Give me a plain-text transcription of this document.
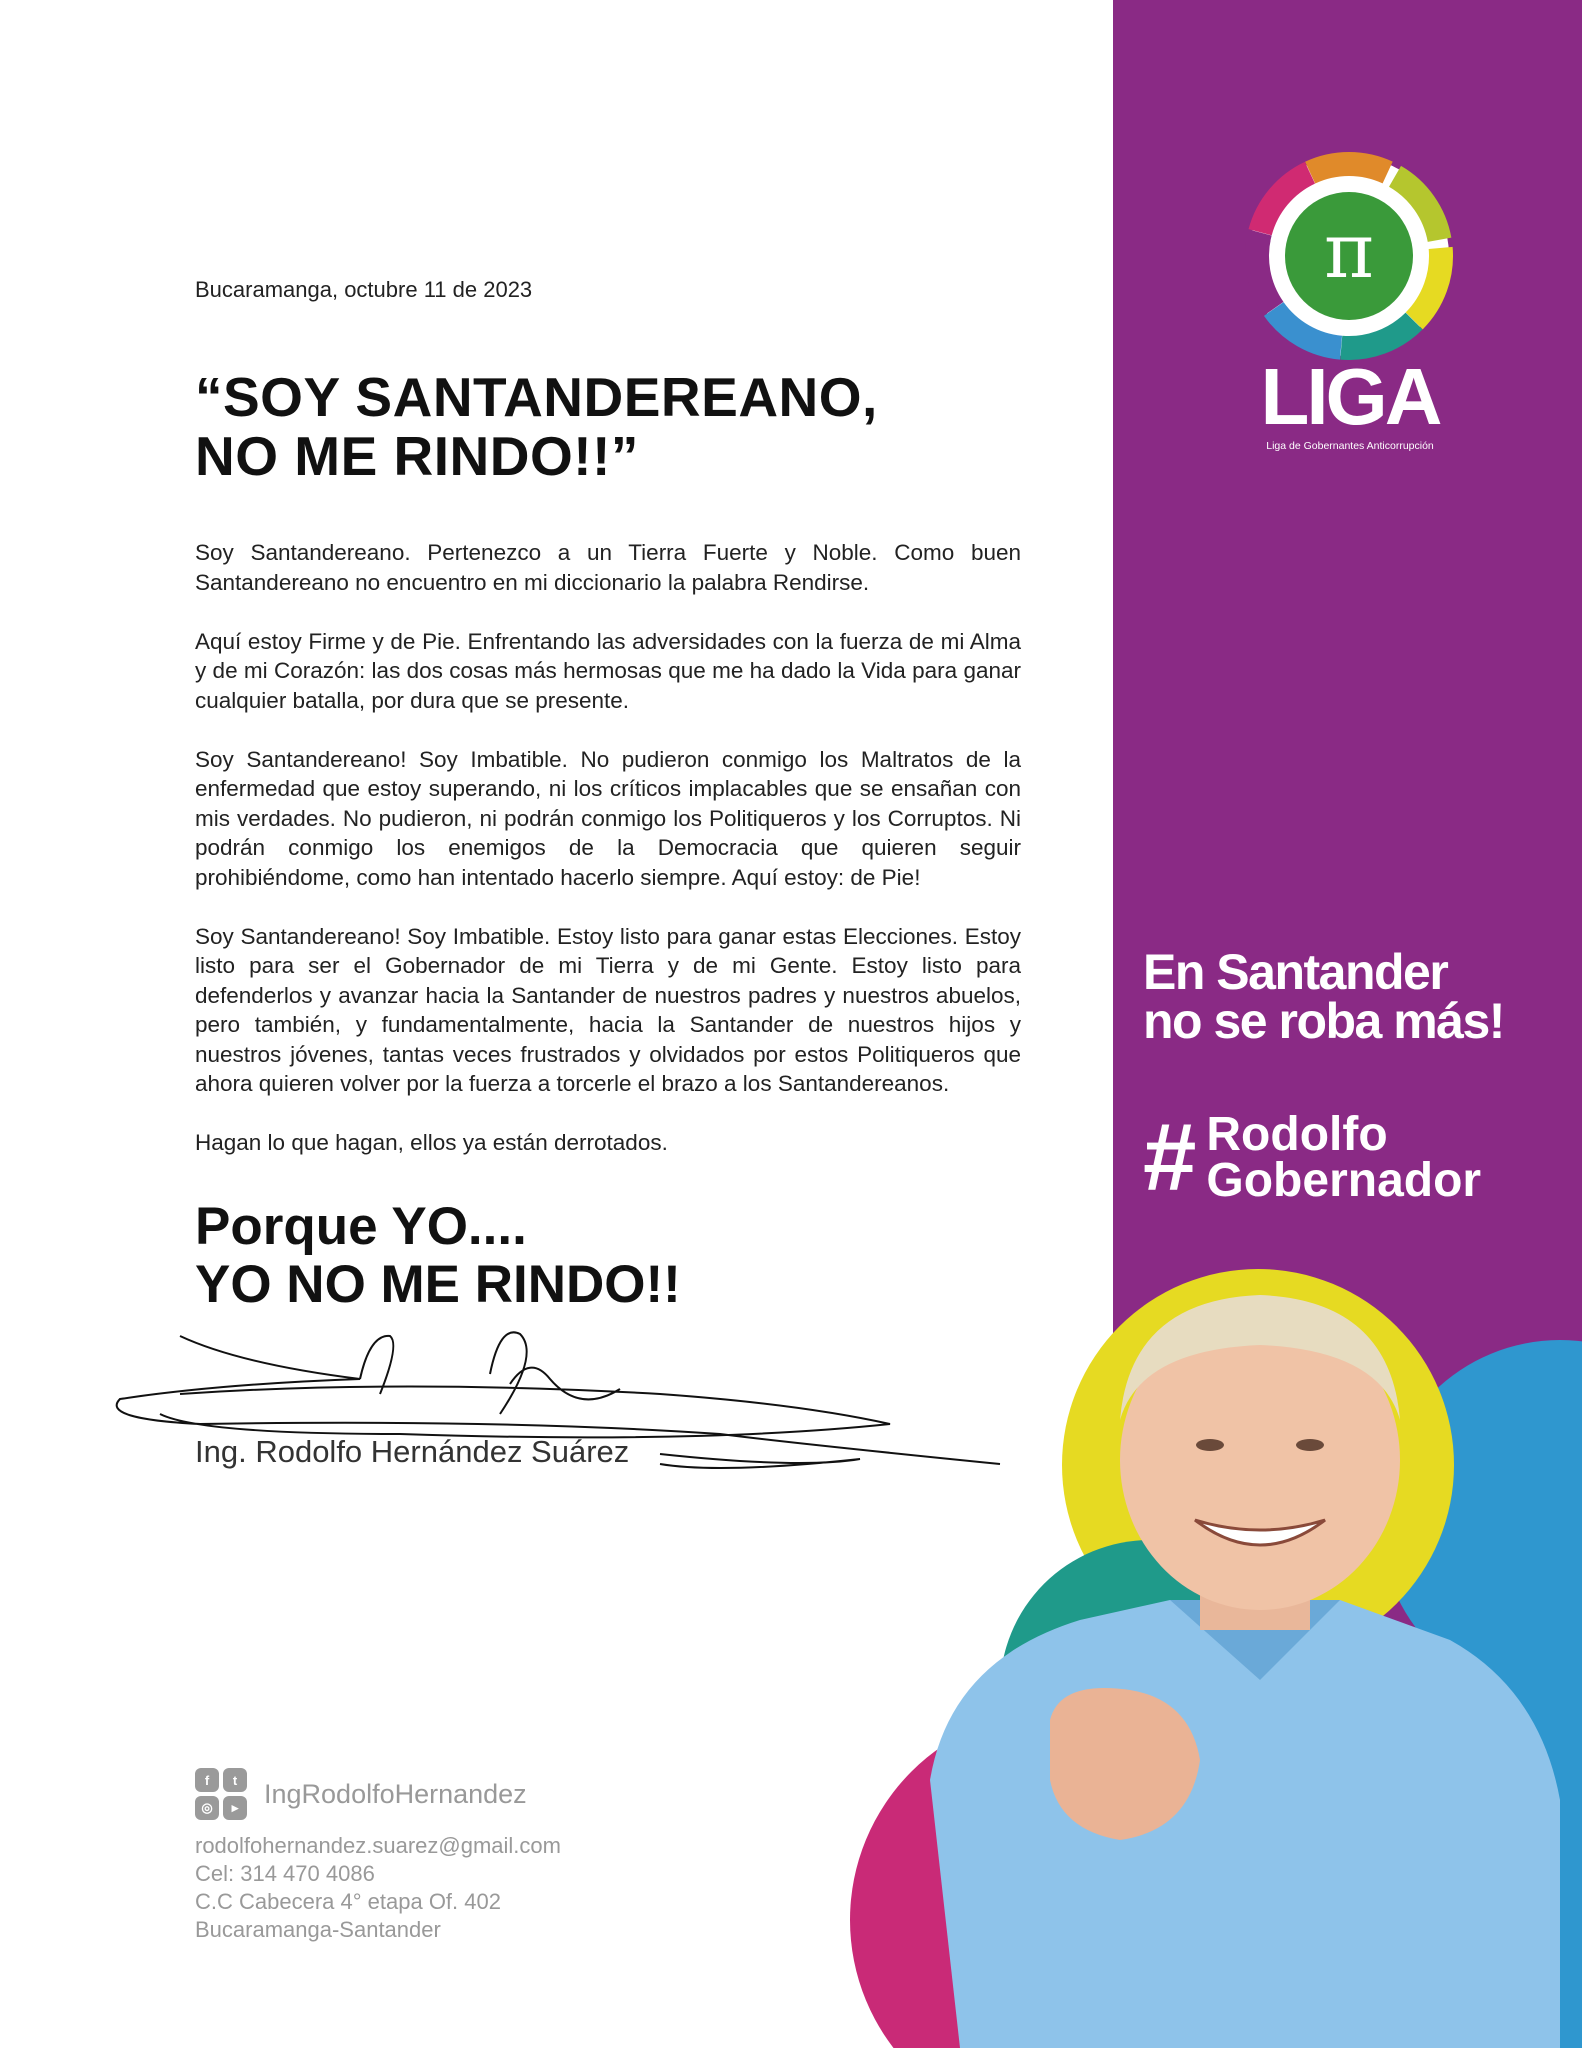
LIGA
π
Liga de Gobernantes Anticorrupción
Bucaramanga, octubre 11 de 2023
“SOY SANTANDEREANO,
NO ME RINDO!!”

Soy Santandereano. Pertenezco a un Tierra Fuerte y Noble. Como buen Santandereano no encuentro en mi diccionario la palabra Rendirse.

Aquí estoy Firme y de Pie. Enfrentando las adversidades con la fuerza de mi Alma y de mi Corazón: las dos cosas más hermosas que me ha dado la Vida para ganar cualquier batalla, por dura que se presente.

Soy Santandereano! Soy Imbatible. No pudieron conmigo los Maltratos de la enfermedad que estoy superando, ni los críticos implacables que se ensañan con mis verdades. No pudieron, ni podrán conmigo los Politiqueros y los Corruptos. Ni podrán conmigo los enemigos de la Democracia que quieren seguir prohibiéndome, como han intentado hacerlo siempre. Aquí estoy: de Pie!

Soy Santandereano! Soy Imbatible. Estoy listo para ganar estas Elecciones. Estoy listo para ser el Gobernador de mi Tierra y de mi Gente. Estoy listo para defenderlos y avanzar hacia la Santander de nuestros padres y nuestros abuelos, pero también, y fundamentalmente, hacia la Santander de nuestros hijos y nuestros jóvenes, tantas veces frustrados y olvidados por estos Politiqueros que ahora quieren volver por la fuerza a torcerle el brazo a los Santandereanos.

Hagan lo que hagan, ellos ya están derrotados.

Porque YO....
YO NO ME RINDO!!
Ing. Rodolfo Hernández Suárez
f	t
◎	▸ IngRodolfoHernandez
rodolfohernandez.suarez@gmail.com
Cel: 314 470 4086
C.C Cabecera 4° etapa Of. 402
Bucaramanga-Santander
En Santander
no se roba más!
# Rodolfo
Gobernador
